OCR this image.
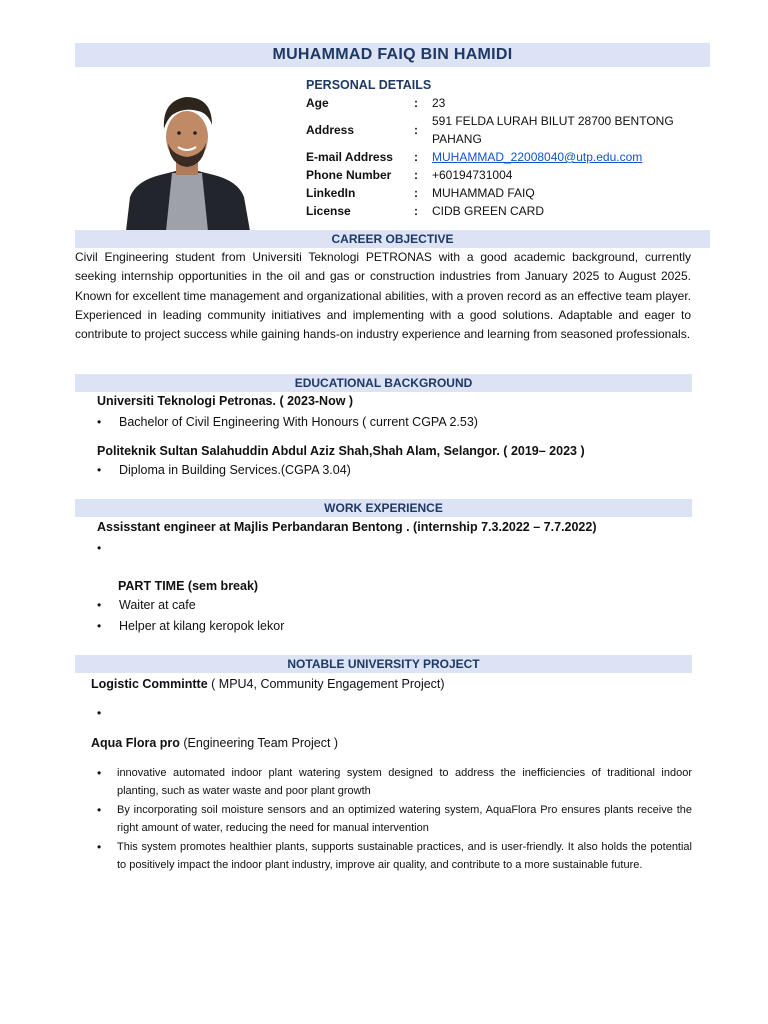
MUHAMMAD FAIQ BIN HAMIDI
PERSONAL DETAILS
Age	:	23
Address	:	591 FELDA LURAH BILUT 28700 BENTONG PAHANG
E-mail Address	:	MUHAMMAD_22008040@utp.edu.com
Phone Number	:	+60194731004
LinkedIn	:	MUHAMMAD FAIQ
License	:	CIDB GREEN CARD
CAREER OBJECTIVE
Civil Engineering student from Universiti Teknologi PETRONAS with a good academic background, currently seeking internship opportunities in the oil and gas or construction industries from January 2025 to August 2025. Known for excellent time management and organizational abilities, with a proven record as an effective team player. Experienced in leading community initiatives and implementing with a good solutions. Adaptable and eager to contribute to project success while gaining hands-on industry experience and learning from seasoned professionals.
EDUCATIONAL BACKGROUND
Universiti Teknologi Petronas. ( 2023-Now )
• Bachelor of Civil Engineering With Honours ( current CGPA 2.53)
Politeknik Sultan Salahuddin Abdul Aziz Shah,Shah Alam, Selangor. ( 2019– 2023 )
• Diploma in Building Services.(CGPA 3.04)
WORK EXPERIENCE
Assisstant engineer at Majlis Perbandaran Bentong . (internship 7.3.2022 – 7.7.2022)
•
PART TIME (sem break)
• Waiter at cafe
• Helper at kilang keropok lekor
NOTABLE UNIVERSITY PROJECT
Logistic Commintte ( MPU4, Community Engagement Project)
•
Aqua Flora pro (Engineering Team Project )
• innovative automated indoor plant watering system designed to address the inefficiencies of traditional indoor planting, such as water waste and poor plant growth
• By incorporating soil moisture sensors and an optimized watering system, AquaFlora Pro ensures plants receive the right amount of water, reducing the need for manual intervention
• This system promotes healthier plants, supports sustainable practices, and is user-friendly. It also holds the potential to positively impact the indoor plant industry, improve air quality, and contribute to a more sustainable future.
